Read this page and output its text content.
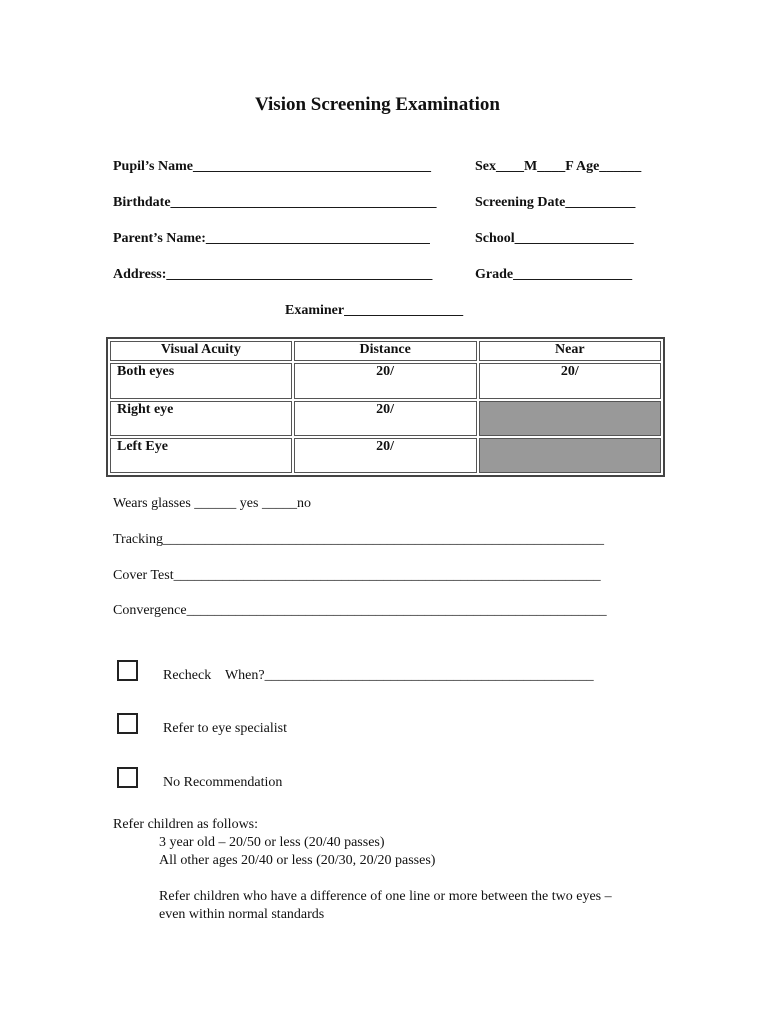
Vision Screening Examination
Pupil’s Name__________________________________	Sex____M____F Age______
Birthdate______________________________________	Screening Date__________
Parent’s Name:________________________________	School_________________
Address:______________________________________	Grade_________________
Examiner_________________
Visual Acuity	Distance	Near
Both eyes	20/	20/
Right eye	20/	
Left Eye	20/	
Wears glasses ______ yes _____no
Tracking_______________________________________________________________
Cover Test_____________________________________________________________
Convergence____________________________________________________________
Recheck    When?_______________________________________________
Refer to eye specialist
No Recommendation
Refer children as follows:
3 year old – 20/50 or less (20/40 passes)
All other ages 20/40 or less (20/30, 20/20 passes)
Refer children who have a difference of one line or more between the two eyes –
even within normal standards
